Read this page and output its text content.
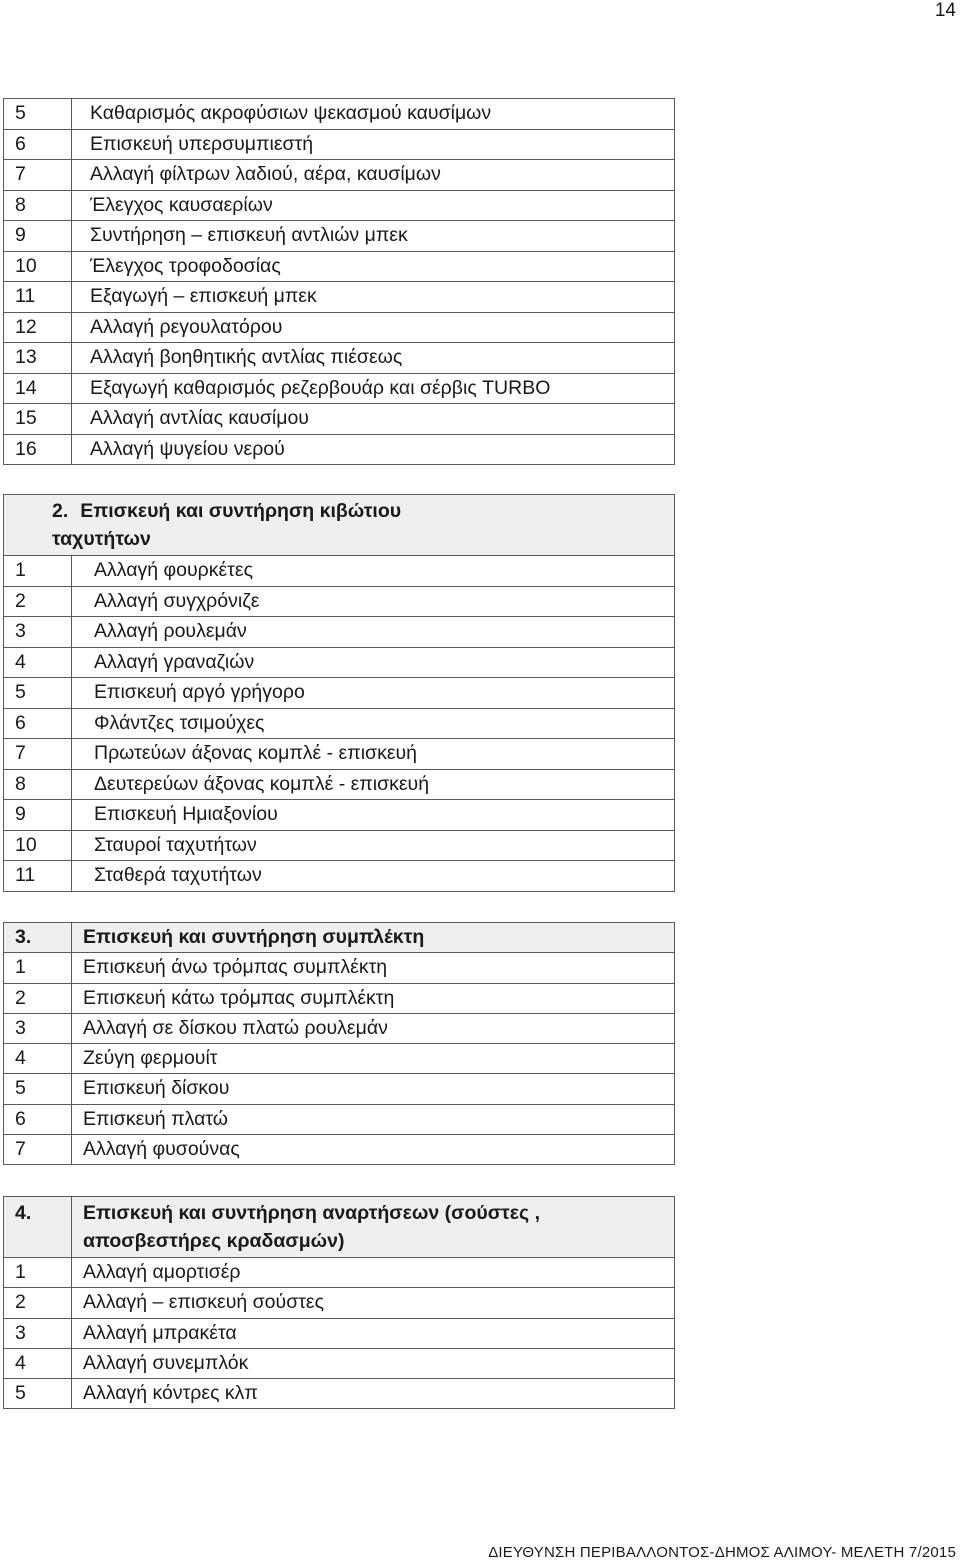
14
5	Καθαρισμός ακροφύσιων ψεκασμού καυσίμων
6	Επισκευή υπερσυμπιεστή
7	Αλλαγή φίλτρων λαδιού, αέρα, καυσίμων
8	Έλεγχος καυσαερίων
9	Συντήρηση – επισκευή αντλιών μπεκ
10	Έλεγχος τροφοδοσίας
11	Εξαγωγή – επισκευή μπεκ
12	Αλλαγή ρεγουλατόρου
13	Αλλαγή βοηθητικής αντλίας πιέσεως
14	Εξαγωγή καθαρισμός ρεζερβουάρ και σέρβις TURBO
15	Αλλαγή αντλίας καυσίμου
16	Αλλαγή ψυγείου νερού
2. Επισκευή και συντήρηση κιβώτιου
ταχυτήτων	

1	Αλλαγή φουρκέτες
2	Αλλαγή συγχρόνιζε
3	Αλλαγή ρουλεμάν
4	Αλλαγή γραναζιών
5	Επισκευή αργό γρήγορο
6	Φλάντζες τσιμούχες
7	Πρωτεύων άξονας κομπλέ - επισκευή
8	Δευτερεύων άξονας κομπλέ - επισκευή
9	Επισκευή Ημιαξονίου
10	Σταυροί ταχυτήτων
11	Σταθερά ταχυτήτων
3.	Επισκευή και συντήρηση συμπλέκτη
1	Επισκευή άνω τρόμπας συμπλέκτη
2	Επισκευή κάτω τρόμπας συμπλέκτη
3	Αλλαγή σε δίσκου πλατώ ρουλεμάν
4	Ζεύγη φερμουίτ
5	Επισκευή δίσκου
6	Επισκευή πλατώ
7	Αλλαγή φυσούνας
4.	Επισκευή και συντήρηση αναρτήσεων (σούστες ,
αποσβεστήρες κραδασμών)

1	Αλλαγή αμορτισέρ
2	Αλλαγή – επισκευή σούστες
3	Αλλαγή μπρακέτα
4	Αλλαγή συνεμπλόκ
5	Αλλαγή κόντρες κλπ
ΔΙΕΥΘΥΝΣΗ ΠΕΡΙΒΑΛΛΟΝΤΟΣ-ΔΗΜΟΣ ΑΛΙΜΟΥ- ΜΕΛΕΤΗ 7/2015
